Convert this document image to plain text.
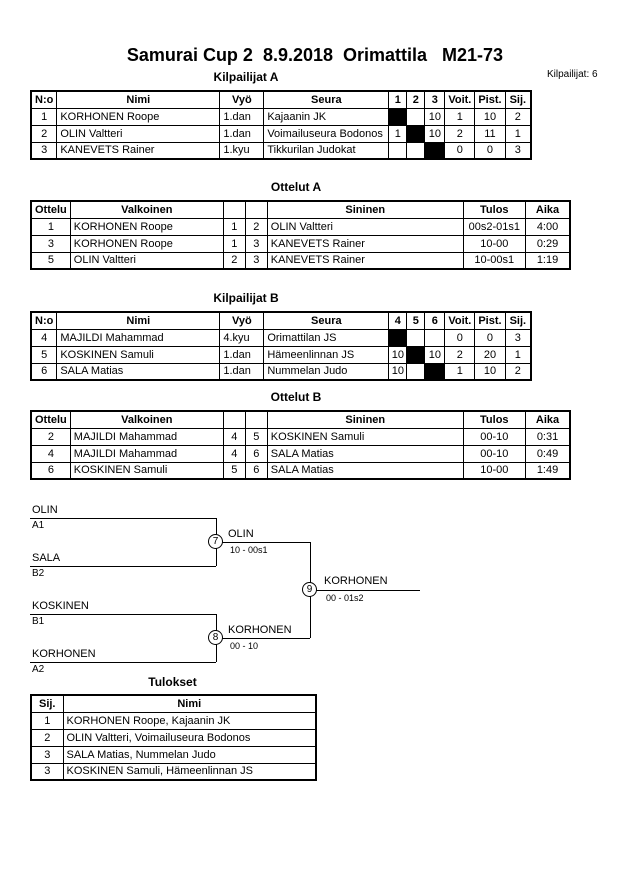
Samurai Cup 2  8.9.2018  Orimattila   M21-73
Kilpailijat: 6
Kilpailijat A
N:o	Nimi	Vyö	Seura	1	2	3	Voit.	Pist.	Sij.
1	KORHONEN Roope	1.dan	Kajaanin JK			10	1	10	2
2	OLIN Valtteri	1.dan	Voimailuseura Bodonos	1		10	2	11	1
3	KANEVETS Rainer	1.kyu	Tikkurilan Judokat				0	0	3
Ottelut A
Ottelu	Valkoinen			Sininen	Tulos	Aika
1	KORHONEN Roope	1	2	OLIN Valtteri	00s2-01s1	4:00
3	KORHONEN Roope	1	3	KANEVETS Rainer	10-00	0:29
5	OLIN Valtteri	2	3	KANEVETS Rainer	10-00s1	1:19
Kilpailijat B
N:o	Nimi	Vyö	Seura	4	5	6	Voit.	Pist.	Sij.
4	MAJILDI Mahammad	4.kyu	Orimattilan JS				0	0	3
5	KOSKINEN Samuli	1.dan	Hämeenlinnan JS	10		10	2	20	1
6	SALA Matias	1.dan	Nummelan Judo	10			1	10	2
Ottelut B
Ottelu	Valkoinen			Sininen	Tulos	Aika
2	MAJILDI Mahammad	4	5	KOSKINEN Samuli	00-10	0:31
4	MAJILDI Mahammad	4	6	SALA Matias	00-10	0:49
6	KOSKINEN Samuli	5	6	SALA Matias	10-00	1:49
OLIN
A1
SALA
B2
7
OLIN
10 - 00s1
9
KORHONEN
00 - 01s2
KOSKINEN
B1
KORHONEN
A2
8
KORHONEN
00 - 10
Tulokset
Sij.	Nimi
1	KORHONEN Roope, Kajaanin JK
2	OLIN Valtteri, Voimailuseura Bodonos
3	SALA Matias, Nummelan Judo
3	KOSKINEN Samuli, Hämeenlinnan JS
